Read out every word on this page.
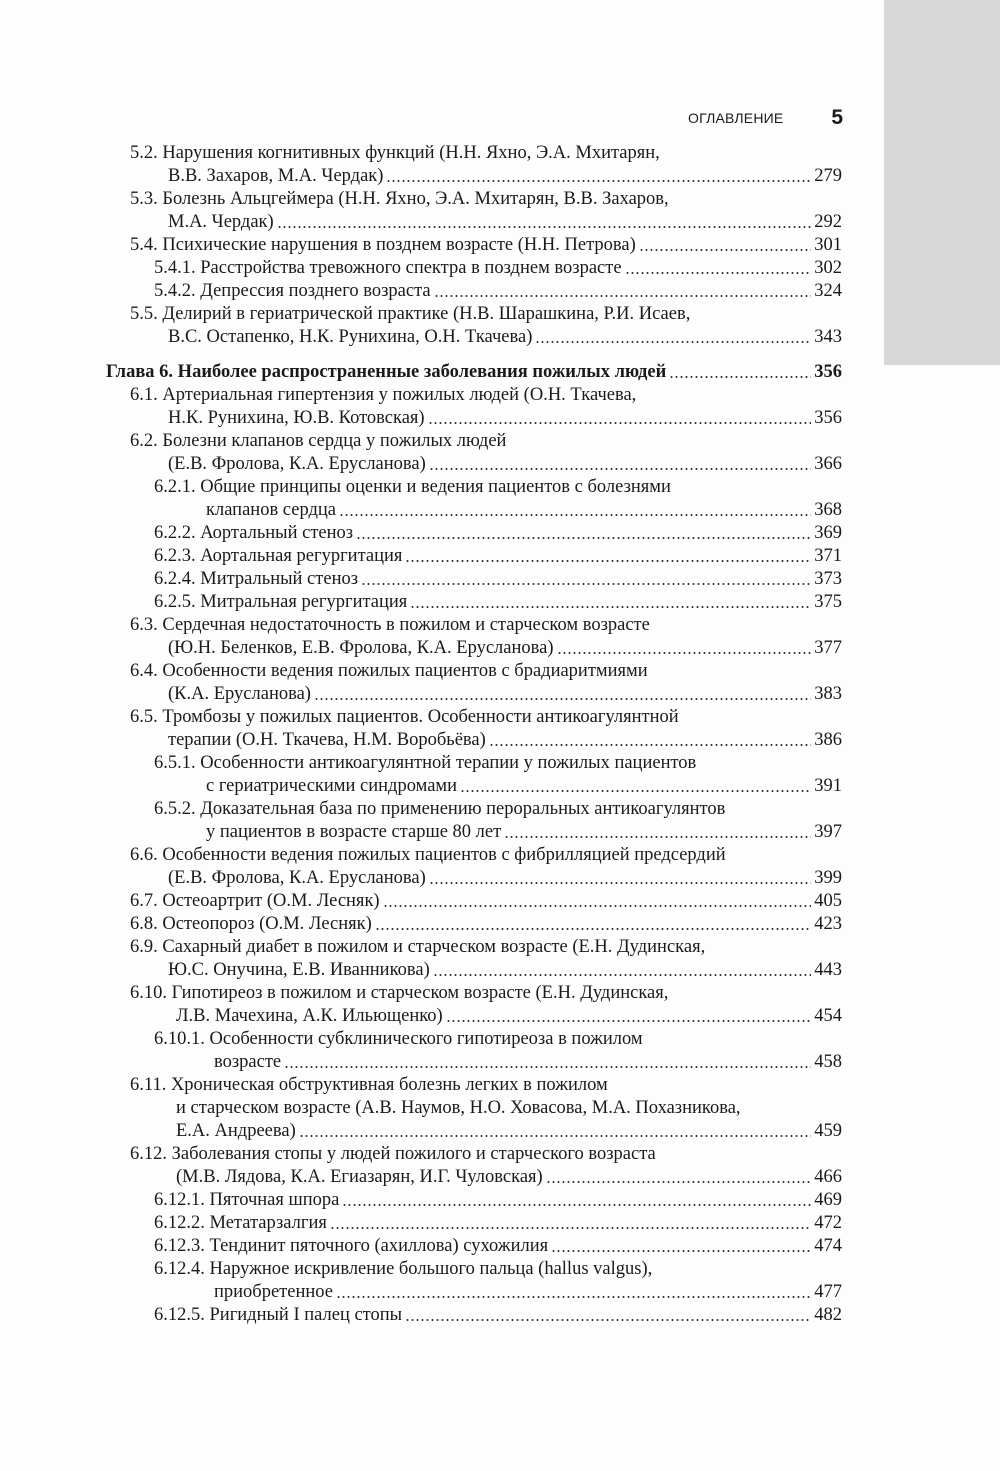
ОГЛАВЛЕНИЕ 5
5.2. Нарушения когнитивных функций (Н.Н. Яхно, Э.А. Мхитарян,
В.В. Захаров, М.А. Чердак)	279
5.3. Болезнь Альцгеймера (Н.Н. Яхно, Э.А. Мхитарян, В.В. Захаров,
М.А. Чердак)	292
5.4. Психические нарушения в позднем возрасте (Н.Н. Петрова)	301
5.4.1. Расстройства тревожного спектра в позднем возрасте	302
5.4.2. Депрессия позднего возраста	324
5.5. Делирий в гериатрической практике (Н.В. Шарашкина, Р.И. Исаев,
В.С. Остапенко, Н.К. Рунихина, О.Н. Ткачева)	343
Глава 6. Наиболее распространенные заболевания пожилых людей	356
6.1. Артериальная гипертензия у пожилых людей (О.Н. Ткачева,
Н.К. Рунихина, Ю.В. Котовская)	356
6.2. Болезни клапанов сердца у пожилых людей
(Е.В. Фролова, К.А. Ерусланова)	366
6.2.1. Общие принципы оценки и ведения пациентов с болезнями
клапанов сердца	368
6.2.2. Аортальный стеноз	369
6.2.3. Аортальная регургитация	371
6.2.4. Митральный стеноз	373
6.2.5. Митральная регургитация	375
6.3. Сердечная недостаточность в пожилом и старческом возрасте
(Ю.Н. Беленков, Е.В. Фролова, К.А. Ерусланова)	377
6.4. Особенности ведения пожилых пациентов с брадиаритмиями
(К.А. Ерусланова)	383
6.5. Тромбозы у пожилых пациентов. Особенности антикоагулянтной
терапии (О.Н. Ткачева, Н.М. Воробьёва)	386
6.5.1. Особенности антикоагулянтной терапии у пожилых пациентов
с гериатрическими синдромами	391
6.5.2. Доказательная база по применению пероральных антикоагулянтов
у пациентов в возрасте старше 80 лет	397
6.6. Особенности ведения пожилых пациентов с фибрилляцией предсердий
(Е.В. Фролова, К.А. Ерусланова)	399
6.7. Остеоартрит (О.М. Лесняк)	405
6.8. Остеопороз (О.М. Лесняк)	423
6.9. Сахарный диабет в пожилом и старческом возрасте (Е.Н. Дудинская,
Ю.С. Онучина, Е.В. Иванникова)	443
6.10. Гипотиреоз в пожилом и старческом возрасте (Е.Н. Дудинская,
Л.В. Мачехина, А.К. Ильющенко)	454
6.10.1. Особенности субклинического гипотиреоза в пожилом
возрасте	458
6.11. Хроническая обструктивная болезнь легких в пожилом
и старческом возрасте (А.В. Наумов, Н.О. Ховасова, М.А. Похазникова,
Е.А. Андреева)	459
6.12. Заболевания стопы у людей пожилого и старческого возраста
(М.В. Лядова, К.А. Егиазарян, И.Г. Чуловская)	466
6.12.1. Пяточная шпора	469
6.12.2. Метатарзалгия	472
6.12.3. Тендинит пяточного (ахиллова) сухожилия	474
6.12.4. Наружное искривление большого пальца (hallus valgus),
приобретенное	477
6.12.5. Ригидный I палец стопы	482
